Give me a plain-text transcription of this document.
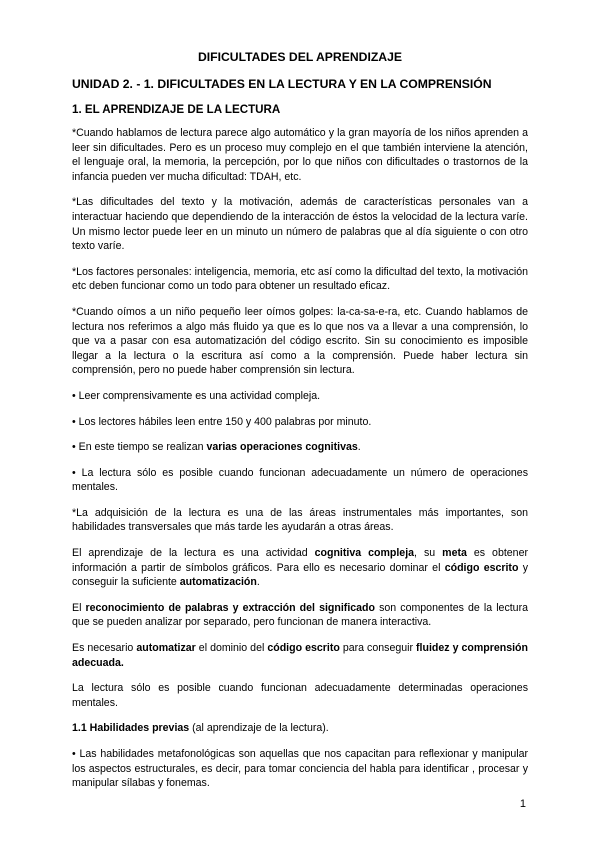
DIFICULTADES DEL APRENDIZAJE
UNIDAD 2. - 1. DIFICULTADES EN LA LECTURA Y EN LA COMPRENSIÓN
1. EL APRENDIZAJE DE LA LECTURA

*Cuando hablamos de lectura parece algo automático y la gran mayoría de los niños aprenden a leer sin dificultades. Pero es un proceso muy complejo en el que también interviene la atención, el lenguaje oral, la memoria, la percepción, por lo que niños con dificultades o trastornos de la infancia pueden ver mucha dificultad: TDAH, etc.

*Las dificultades del texto y la motivación, además de características personales van a interactuar haciendo que dependiendo de la interacción de éstos la velocidad de la lectura varíe. Un mismo lector puede leer en un minuto un número de palabras que al día siguiente o con otro texto varíe.

*Los factores personales: inteligencia, memoria, etc así como la dificultad del texto, la motivación etc deben funcionar como un todo para obtener un resultado eficaz.

*Cuando oímos a un niño pequeño leer oímos golpes: la-ca-sa-e-ra, etc. Cuando hablamos de lectura nos referimos a algo más fluido ya que es lo que nos va a llevar a una comprensión, lo que va a pasar con esa automatización del código escrito. Sin su conocimiento es imposible llegar a la lectura o la escritura así como a la comprensión. Puede haber lectura sin comprensión, pero no puede haber comprensión sin lectura.

• Leer comprensivamente es una actividad compleja.

• Los lectores hábiles leen entre 150 y 400 palabras por minuto.

• En este tiempo se realizan varias operaciones cognitivas.

• La lectura sólo es posible cuando funcionan adecuadamente un número de operaciones mentales.

*La adquisición de la lectura es una de las áreas instrumentales más importantes, son habilidades transversales que más tarde les ayudarán a otras áreas.

El aprendizaje de la lectura es una actividad cognitiva compleja, su meta es obtener información a partir de símbolos gráficos. Para ello es necesario dominar el código escrito y conseguir la suficiente automatización.

El reconocimiento de palabras y extracción del significado son componentes de la lectura que se pueden analizar por separado, pero funcionan de manera interactiva.

Es necesario automatizar el dominio del código escrito para conseguir fluidez y comprensión adecuada.

La lectura sólo es posible cuando funcionan adecuadamente determinadas operaciones mentales.

1.1 Habilidades previas (al aprendizaje de la lectura).

• Las habilidades metafonológicas son aquellas que nos capacitan para reflexionar y manipular los aspectos estructurales, es decir, para tomar conciencia del habla para identificar , procesar y manipular sílabas y fonemas.

1
